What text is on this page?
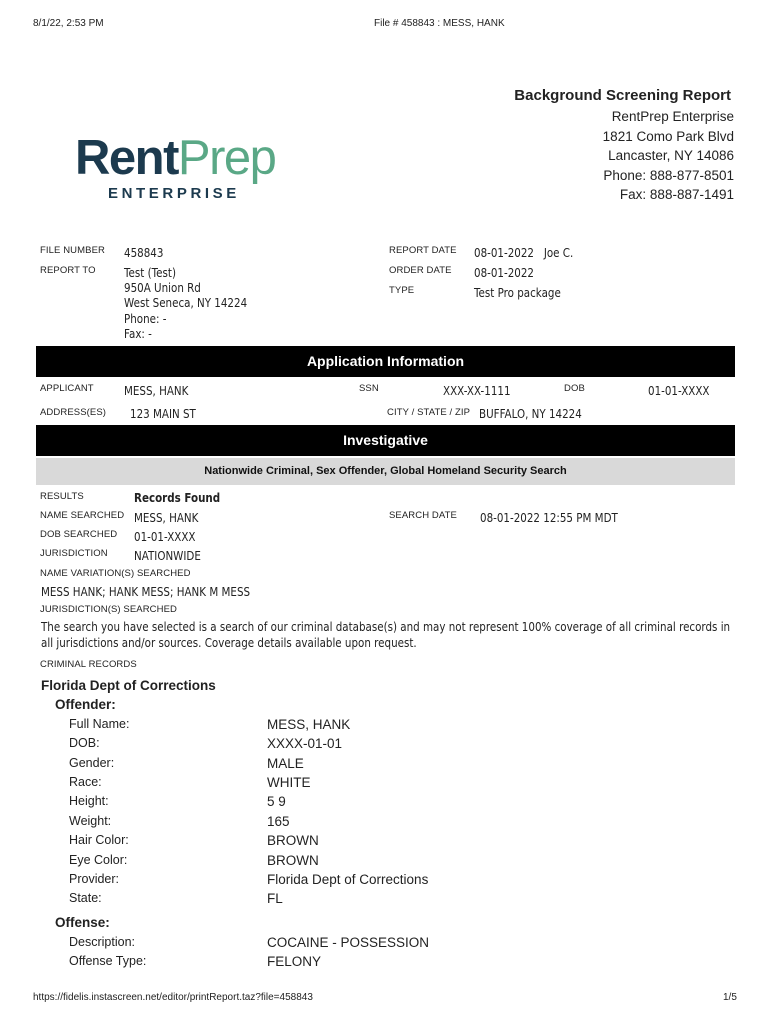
8/1/22, 2:53 PM	File # 458843 : MESS, HANK
Background Screening Report
RentPrep Enterprise
1821 Como Park Blvd
Lancaster, NY 14086
Phone: 888-877-8501
Fax: 888-887-1491
RentPrep
ENTERPRISE
FILE NUMBER 458843
REPORT TO Test (Test)
950A Union Rd
West Seneca, NY 14224
Phone: -
Fax: -
REPORT DATE 08-01-2022   Joe C.
ORDER DATE 08-01-2022
TYPE	Test Pro package
Application Information
APPLICANT	MESS, HANK	SSN	XXX-XX-1111	DOB	01-01-XXXX
ADDRESS(ES) 123 MAIN ST	CITY / STATE / ZIP BUFFALO, NY 14224
Investigative
Nationwide Criminal, Sex Offender, Global Homeland Security Search
RESULTS	Records Found
NAME SEARCHED MESS, HANK	SEARCH DATE 08-01-2022 12:55 PM MDT
DOB SEARCHED 01-01-XXXX
JURISDICTION NATIONWIDE
NAME VARIATION(S) SEARCHED
MESS HANK; HANK MESS; HANK M MESS
JURISDICTION(S) SEARCHED
The search you have selected is a search of our criminal database(s) and may not represent 100% coverage of all criminal records in all jurisdictions and/or sources. Coverage details available upon request.
CRIMINAL RECORDS
Florida Dept of Corrections
Offender:
Full Name:	MESS, HANK
DOB:	XXXX-01-01
Gender:	MALE
Race:	WHITE
Height:	5 9
Weight:	165
Hair Color:	BROWN
Eye Color:	BROWN
Provider:	Florida Dept of Corrections
State:	FL
Offense:
Description:	COCAINE - POSSESSION
Offense Type:	FELONY
https://fidelis.instascreen.net/editor/printReport.taz?file=458843	1/5
